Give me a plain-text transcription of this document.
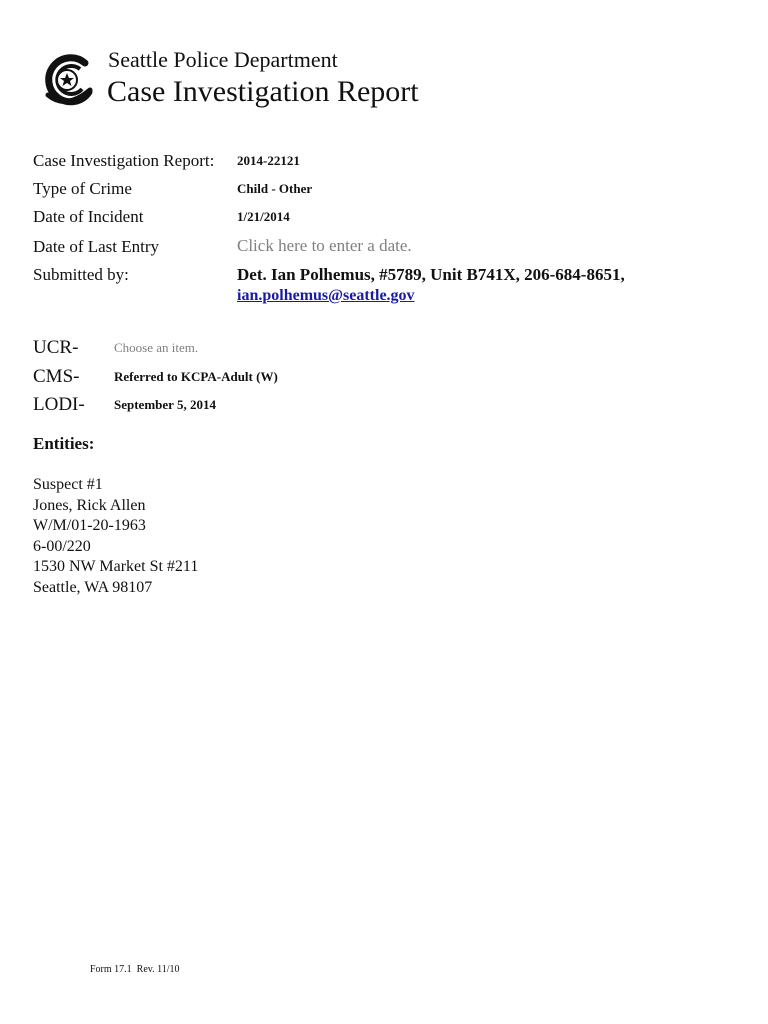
Seattle Police Department
Case Investigation Report
Case Investigation Report: 2014-22121
Type of Crime	Child - Other
Date of Incident	1/21/2014
Date of Last Entry	Click here to enter a date.
Submitted by:	Det. Ian Polhemus, #5789, Unit B741X, 206-684-8651,
ian.polhemus@seattle.gov
UCR-	Choose an item.
CMS-	Referred to KCPA-Adult (W)
LODI- September 5, 2014
Entities:
Suspect #1
Jones, Rick Allen
W/M/01-20-1963
6-00/220
1530 NW Market St #211
Seattle, WA 98107
Form 17.1  Rev. 11/10
